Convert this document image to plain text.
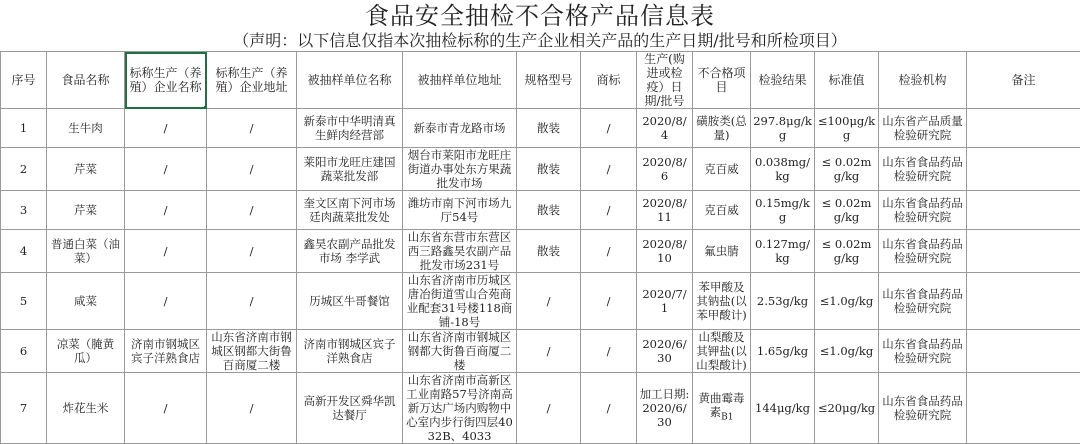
食品安全抽检不合格产品信息表
（声明：以下信息仅指本次抽检标称的生产企业相关产品的生产日期/批号和所检项目）
序号	食品名称	标称生产（养殖）企业名称	标称生产（养殖）企业地址	被抽样单位名称	被抽样单位地址	规格型号	商标	生产(购进或检疫）日期/批号	不合格项目	检验结果	标准值	检验机构	备注
1	生牛肉	/	/	新泰市中华明清真生鲜肉经营部	新泰市青龙路市场	散装	/	2020/8/4	磺胺类(总量)	297.8μg/kg	≤100μg/kg	山东省产品质量检验研究院	
2	芹菜	/	/	莱阳市龙旺庄建国蔬菜批发部	烟台市莱阳市龙旺庄街道办事处东方果蔬批发市场	散装	/	2020/8/6	克百威	0.038mg/kg	≤ 0.02mg/kg	山东省食品药品检验研究院	
3	芹菜	/	/	奎文区南下河市场廷肉蔬菜批发处	潍坊市南下河市场九厅54号	散装	/	2020/8/11	克百威	0.15mg/kg	≤ 0.02mg/kg	山东省食品药品检验研究院	
4	普通白菜（油菜）	/	/	鑫昊农副产品批发市场 李学武	山东省东营市东营区西三路鑫昊农副产品批发市场231号	散装	/	2020/8/10	氟虫腈	0.127mg/kg	≤ 0.02mg/kg	山东省食品药品检验研究院	
5	咸菜	/	/	历城区牛哥餐馆	山东省济南市历城区唐冶街道雪山合苑商业配套31号楼118商铺-18号	/	/	2020/7/1	苯甲酸及其钠盐(以苯甲酸计)	2.53g/kg	≤1.0g/kg	山东省食品药品检验研究院	
6	凉菜（腌黄瓜）	济南市钢城区宾子洋熟食店	山东省济南市钢城区钢都大街鲁百商厦二楼	济南市钢城区宾子洋熟食店	山东省济南市钢城区钢都大街鲁百商厦二楼	/	/	2020/6/30	山梨酸及其钾盐(以山梨酸计)	1.65g/kg	≤1.0g/kg	山东省食品药品检验研究院	
7	炸花生米	/	/	高新开发区舜华凯达餐厅	山东省济南市高新区工业南路57号济南高新万达广场内购物中心室内步行街四层4032B、4033	/	/	加工日期: 2020/6/30	黄曲霉毒素$_{B1}$	144μg/kg	≤20μg/kg	山东省食品药品检验研究院	
